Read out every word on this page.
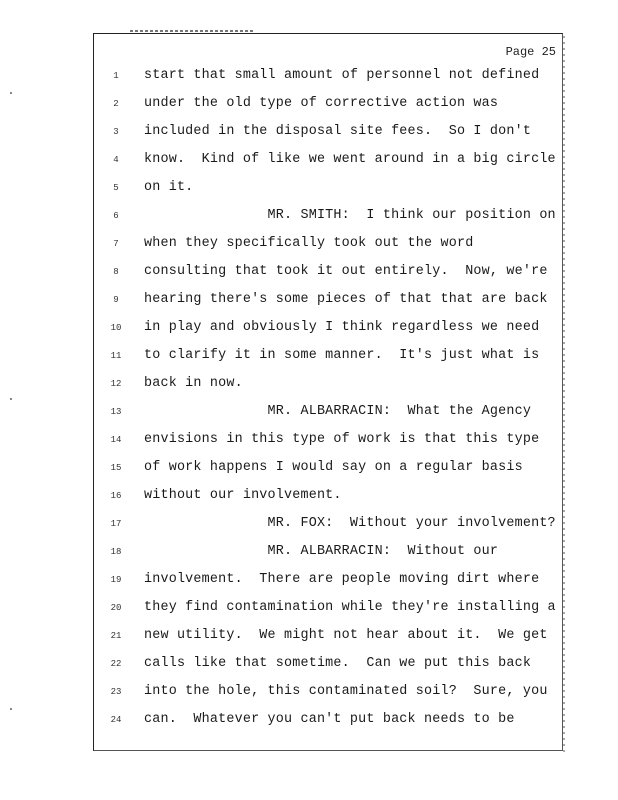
Page 25
1	start that small amount of personnel not defined
2	under the old type of corrective action was
3	included in the disposal site fees.  So I don't
4	know.  Kind of like we went around in a big circle
5	on it.
6	MR. SMITH:  I think our position on
7	when they specifically took out the word
8	consulting that took it out entirely.  Now, we're
9	hearing there's some pieces of that that are back
10 in play and obviously I think regardless we need
11 to clarify it in some manner.  It's just what is
12 back in now.
13 MR. ALBARRACIN:  What the Agency
14 envisions in this type of work is that this type
15 of work happens I would say on a regular basis
16 without our involvement.
17 MR. FOX:  Without your involvement?
18 MR. ALBARRACIN:  Without our
19 involvement.  There are people moving dirt where
20 they find contamination while they're installing a
21 new utility.  We might not hear about it.  We get
22 calls like that sometime.  Can we put this back
23 into the hole, this contaminated soil?  Sure, you
24 can.  Whatever you can't put back needs to be
